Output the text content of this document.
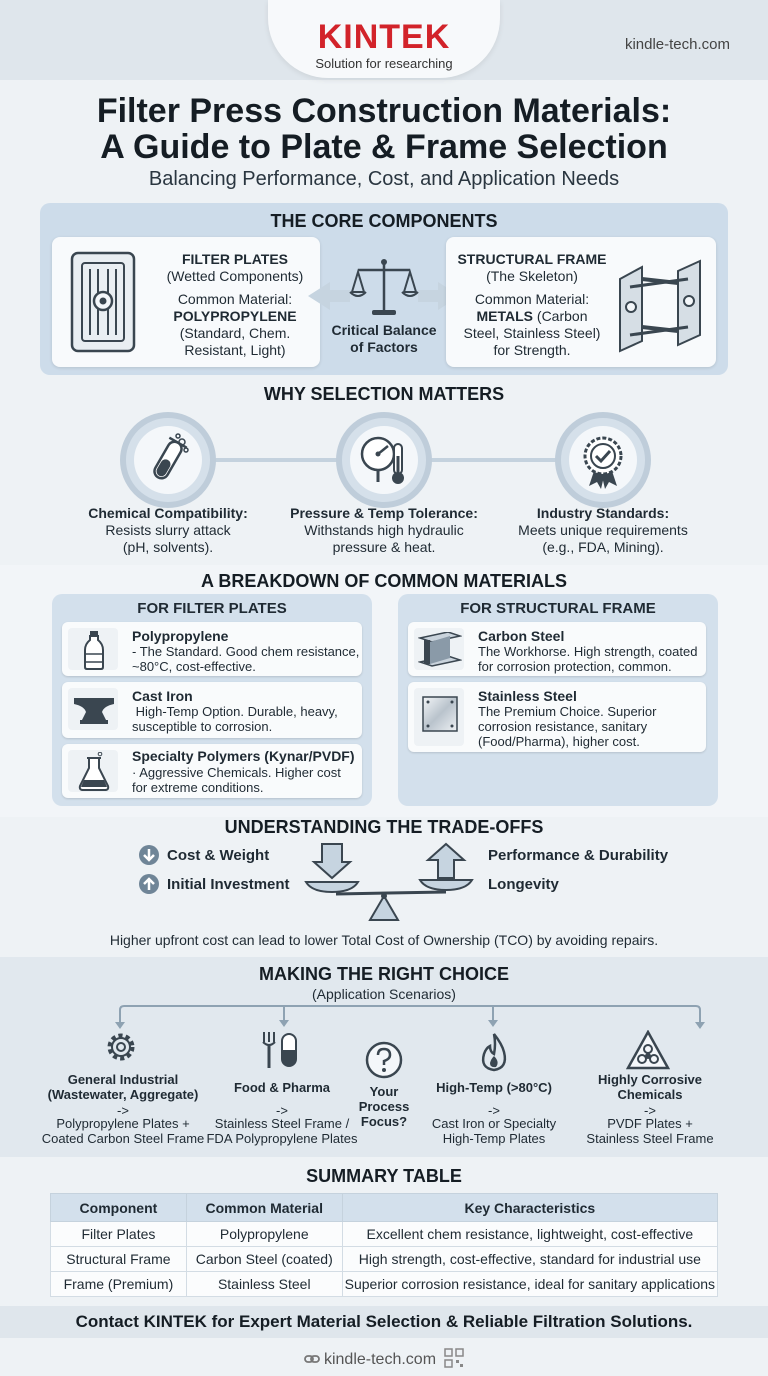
KINTEK
Solution for researching
kindle-tech.com
Filter Press Construction Materials:
A Guide to Plate & Frame Selection
Balancing Performance, Cost, and Application Needs
THE CORE COMPONENTS
FILTER PLATES
(Wetted Components)
Common Material:
POLYPROPYLENE
(Standard, Chem.
Resistant, Light)
Critical Balance
of Factors
STRUCTURAL FRAME
(The Skeleton)
Common Material:
METALS (Carbon
Steel, Stainless Steel)
for Strength.
WHY SELECTION MATTERS
Chemical Compatibility:
Resists slurry attack
(pH, solvents).
Pressure & Temp Tolerance:
Withstands high hydraulic
pressure & heat.
Industry Standards:
Meets unique requirements
(e.g., FDA, Mining).
A BREAKDOWN OF COMMON MATERIALS
FOR FILTER PLATES	FOR STRUCTURAL FRAME
Polypropylene
- The Standard. Good chem resistance,
~80°C, cost-effective.
Cast Iron
High-Temp Option. Durable, heavy,
susceptible to corrosion.
Specialty Polymers (Kynar/PVDF)
· Aggressive Chemicals. Higher cost
for extreme conditions.
Carbon Steel
The Workhorse. High strength, coated
for corrosion protection, common.
Stainless Steel
The Premium Choice. Superior
corrosion resistance, sanitary
(Food/Pharma), higher cost.
UNDERSTANDING THE TRADE-OFFS
Cost & Weight
Initial Investment
Performance & Durability
Longevity
Higher upfront cost can lead to lower Total Cost of Ownership (TCO) by avoiding repairs.
MAKING THE RIGHT CHOICE
(Application Scenarios)
General Industrial
(Wastewater, Aggregate)
->
Polypropylene Plates +
Coated Carbon Steel Frame
Food & Pharma
->
Stainless Steel Frame /
FDA Polypropylene Plates
Your
Process
Focus?
High-Temp (>80°C)
->
Cast Iron or Specialty
High-Temp Plates
Highly Corrosive
Chemicals
->
PVDF Plates +
Stainless Steel Frame
SUMMARY TABLE
Component	Common Material	Key Characteristics
Filter Plates	Polypropylene	Excellent chem resistance, lightweight, cost-effective
Structural Frame	Carbon Steel (coated)	High strength, cost-effective, standard for industrial use
Frame (Premium)	Stainless Steel	Superior corrosion resistance, ideal for sanitary applications
Contact KINTEK for Expert Material Selection & Reliable Filtration Solutions.
kindle-tech.com
